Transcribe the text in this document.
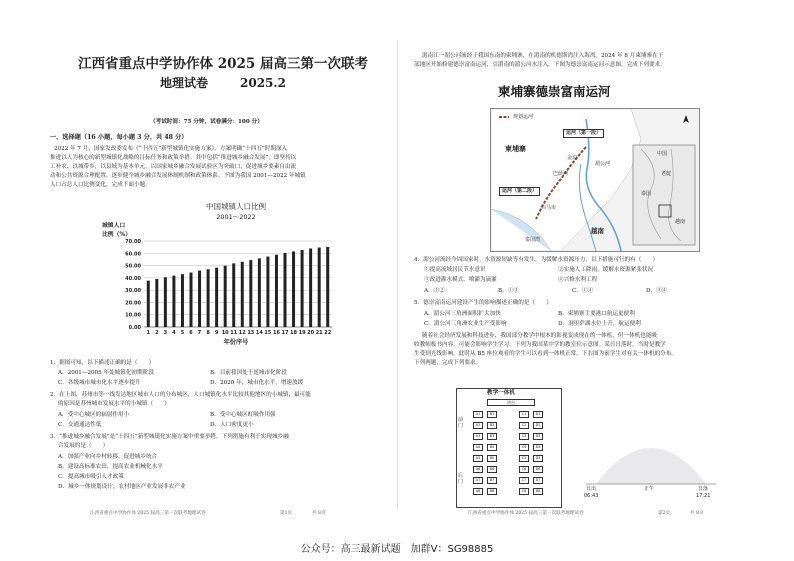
江西省重点中学协作体 2025 届高三第一次联考
地理试卷	2025.2
（考试时间：75 分钟，试卷满分：100 分）
一、选择题（16 小题，每小题 3 分，共 48 分）
2022 年 7 月，国家发改委发布《“十四五”新型城镇化实施方案》，方案明确“十四五”时期深入
推进以人为核心的新型城镇化战略的目标任务和政策举措。其中包括“推进城乡融合发展”，即坚持以
工补农、以城带乡，以县域为基本单元，以国家城乡融合发展试验区为突破口，促进城乡要素自由流
动和公共资源合理配置，逐步健全城乡融合发展体制机制和政策体系。下图为我国 2001—2022 年城镇
人口占总人口比例变化，完成下面小题。
中国城镇人口比例
2001～2022
城镇人口
比例（%）
0.00
10.00
20.00
30.00
40.00
50.00
60.00
70.00
1 2 3 4 5 6 7 8 9 10 11 12 13 14 15 16 17 18 19 20 21 22
年份序号
1．据图可知，以下描述正确的是（　　）
A．2001—2005 年处城镇化初期阶段	B．目前我国处于逆城市化阶段
C．各级城市城市化水平逐步提升	D．2020 年，城市化水平，增速放缓
2．在上图，苏州市等一线发达地区城市人口的分布城区，人口城镇化水平比较其他地区的小城镇，最可能
的原因是苏州城市发展水平的小城镇（　　）
A．受中心城区的辐射作用小	B．受中心城区虹吸作用强
C．交通通达性低	D．人口密度更小
3．“推进城乡融合发展”是“十四五”新型城镇化实施方案中重要举措。下列措施有利于实现城乡融
合发展的是（　　）
A．加强产业向乡村转移，促进城乡统合
B．建设高标准农田，提高农业机械化水平
C．提高城市吸引人才政策
D．城乡一体规划设计，农村地区产业发展非农产业
江西省重点中学协作体 2025 届高三第一次联考地理试卷	第1页	共 8页
湄南江一湄公河流经于我国东南的柬埔寨，在湄南的机德斯湾注入海湾。2024 年 8 月柬埔寨在干
部地区开始修建德崇富南运河，引湄南的湄公河水注入。下图为德崇富南运河示意图，完成下列要求。
柬埔寨德崇富南运河
规划运河
运河（第一段）
运河（第二段）
柬埔寨
越南
金边
巴萨河
湄公河
白马市
泰国湾
中国
老挝
泰国
越南
4．湄公河流经今周国家时，水资源短缺等有发生，为缓解水资源压力，以下措施可行的有（　　）
①提高流域居民节水意识	②实施人工降雨，缓解水资源紧张状况
③改进灌水模式，喷灌为滴灌	④兴修水利工程
A．①②	B．①③	C．①④	D．③④
5．德崇富南运河建设产生的影响描述正确的是（　　）
A．湄公河三角洲面积扩大加快	B．柬埔寨主要港口航运更便利
C．湄公河三角洲农业生产受影响	D．洞里萨湖水位上升，航运便利
随着社会经济发展和科技进步，我国部分教学中根本的影视变成现在的一体机，但一体机也能吸
收教师板书内容，可能会影响学生学习，下列为我国某中学的教室位示意图。某日日落时，当时是教学
生受到光线影响。此时从 B5 座位观看的学生可以看到一体机正常。下右图为前学生对有关一体机的分布。
下列两题，完成下列要求。
教学一体机
讲台
前门
后门
A1	B1	C1	D1
A2	B2	C2	D2
A3	B3	C3	D3
A4	B4	C4	D4
A5	B5	C5	D5
A6	B6	C6	D6
A7	B7	C7	D7
A8	B8	C8	D8	日出
06:43
正午	日落
17:21
江西省重点中学协作体 2025 届高三第一次联考地理试卷	第2页	共 8页
公众号：高三最新试题　加群V：SG98885
